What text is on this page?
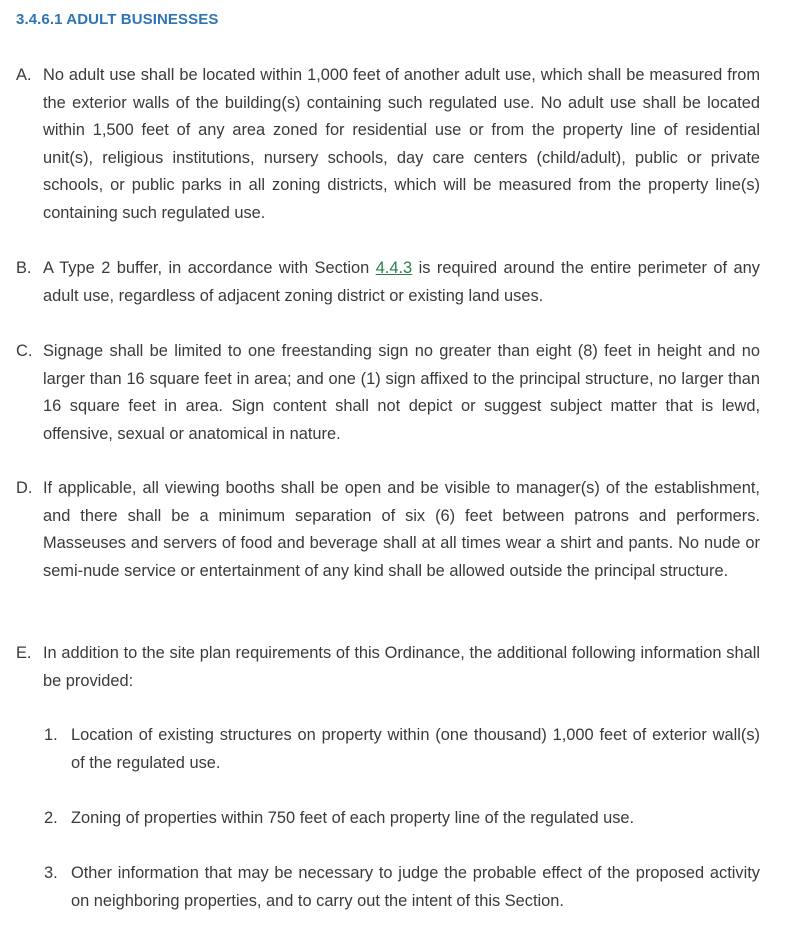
3.4.6.1 ADULT BUSINESSES
A. No adult use shall be located within 1,000 feet of another adult use, which shall be measured from the exterior walls of the building(s) containing such regulated use. No adult use shall be located within 1,500 feet of any area zoned for residential use or from the property line of residential unit(s), religious institutions, nursery schools, day care centers (child/adult), public or private schools, or public parks in all zoning districts, which will be measured from the property line(s) containing such regulated use.
B. A Type 2 buffer, in accordance with Section 4.4.3 is required around the entire perimeter of any adult use, regardless of adjacent zoning district or existing land uses.
C. Signage shall be limited to one freestanding sign no greater than eight (8) feet in height and no larger than 16 square feet in area; and one (1) sign affixed to the principal structure, no larger than 16 square feet in area. Sign content shall not depict or suggest subject matter that is lewd, offensive, sexual or anatomical in nature.
D. If applicable, all viewing booths shall be open and be visible to manager(s) of the establishment, and there shall be a minimum separation of six (6) feet between patrons and performers. Masseuses and servers of food and beverage shall at all times wear a shirt and pants. No nude or semi-nude service or entertainment of any kind shall be allowed outside the principal structure.
E. In addition to the site plan requirements of this Ordinance, the additional following information shall be provided:
1. Location of existing structures on property within (one thousand) 1,000 feet of exterior wall(s) of the regulated use.
2. Zoning of properties within 750 feet of each property line of the regulated use.
3. Other information that may be necessary to judge the probable effect of the proposed activity on neighboring properties, and to carry out the intent of this Section.
